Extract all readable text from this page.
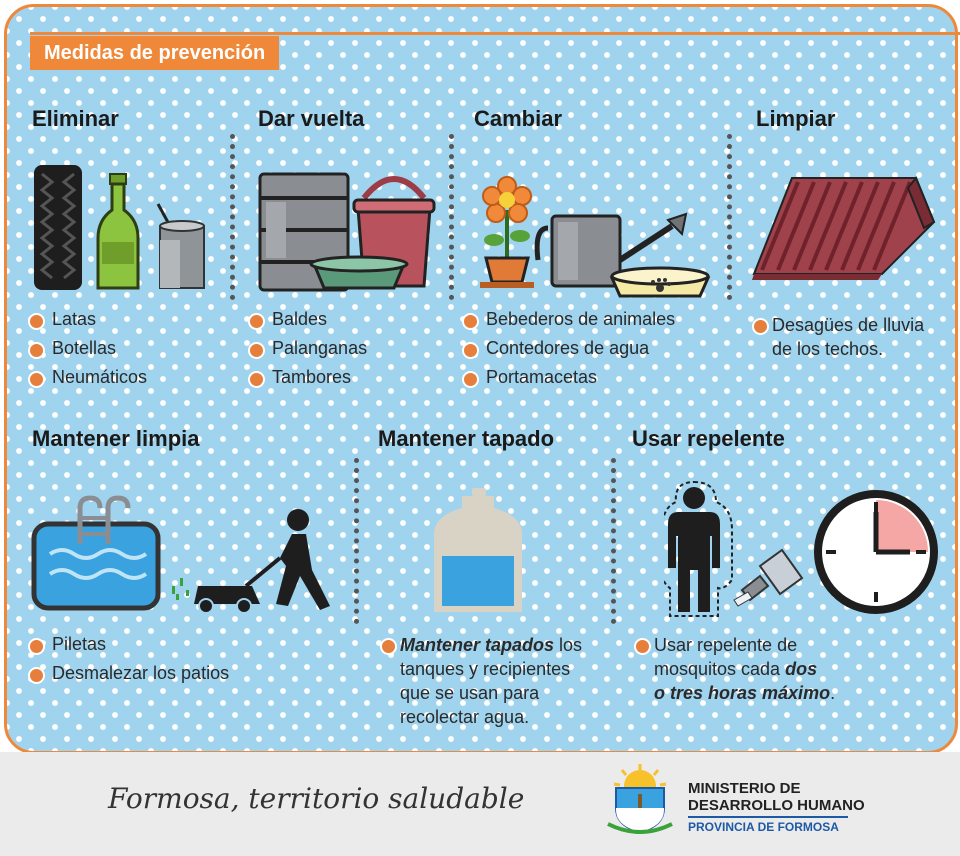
Medidas de prevención
Eliminar
Latas
Botellas
Neumáticos
Dar vuelta
Baldes
Palanganas
Tambores
Cambiar
Bebederos de animales
Contedores de agua
Portamacetas
Limpiar
Desagües de lluvia
de los techos.
Mantener limpia
Piletas
Desmalezar los patios
Mantener tapado
Mantener tapados los
tanques y recipientes
que se usan para
recolectar agua.
Usar repelente
Usar repelente de
mosquitos cada dos
o tres horas máximo.
Formosa, territorio saludable	MINISTERIO DE
DESARROLLO HUMANO
PROVINCIA DE FORMOSA
